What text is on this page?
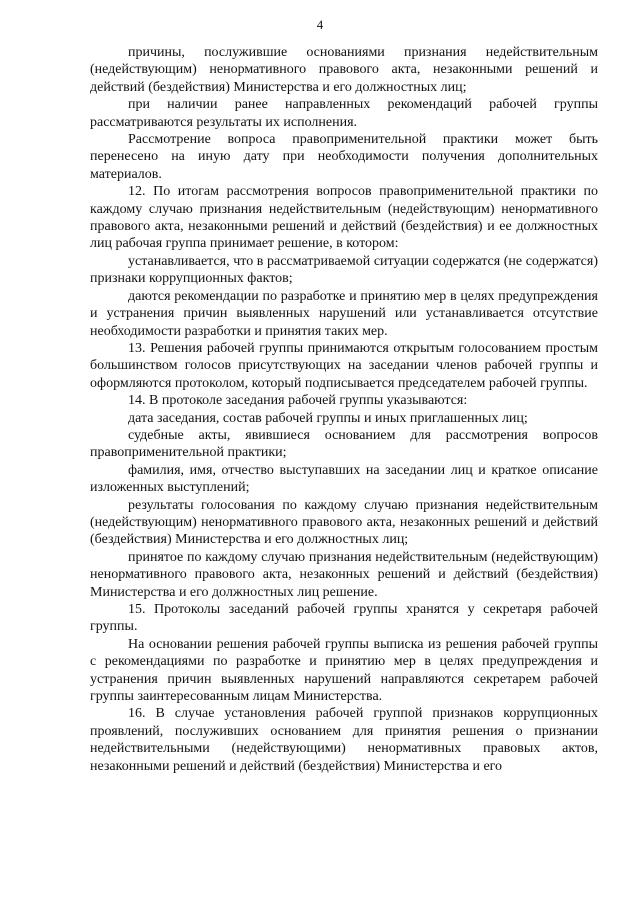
4

причины, послужившие основаниями признания недействительным (недействующим) ненормативного правового акта, незаконными решений и действий (бездействия) Министерства и его должностных лиц;

при наличии ранее направленных рекомендаций рабочей группы рассматриваются результаты их исполнения.

Рассмотрение вопроса правоприменительной практики может быть перенесено на иную дату при необходимости получения дополнительных материалов.

12. По итогам рассмотрения вопросов правоприменительной практики по каждому случаю признания недействительным (недействующим) ненормативного правового акта, незаконными решений и действий (бездействия) и ее должностных лиц рабочая группа принимает решение, в котором:

устанавливается, что в рассматриваемой ситуации содержатся (не содержатся) признаки коррупционных фактов;

даются рекомендации по разработке и принятию мер в целях предупреждения и устранения причин выявленных нарушений или устанавливается отсутствие необходимости разработки и принятия таких мер.

13. Решения рабочей группы принимаются открытым голосованием простым большинством голосов присутствующих на заседании членов рабочей группы и оформляются протоколом, который подписывается председателем рабочей группы.

14. В протоколе заседания рабочей группы указываются:

дата заседания, состав рабочей группы и иных приглашенных лиц;

судебные акты, явившиеся основанием для рассмотрения вопросов правоприменительной практики;

фамилия, имя, отчество выступавших на заседании лиц и краткое описание изложенных выступлений;

результаты голосования по каждому случаю признания недействительным (недействующим) ненормативного правового акта, незаконных решений и действий (бездействия) Министерства и его должностных лиц;

принятое по каждому случаю признания недействительным (недействующим) ненормативного правового акта, незаконных решений и действий (бездействия) Министерства и его должностных лиц решение.

15. Протоколы заседаний рабочей группы хранятся у секретаря рабочей группы.

На основании решения рабочей группы выписка из решения рабочей группы с рекомендациями по разработке и принятию мер в целях предупреждения и устранения причин выявленных нарушений направляются секретарем рабочей группы заинтересованным лицам Министерства.

16. В случае установления рабочей группой признаков коррупционных проявлений, послуживших основанием для принятия решения о признании недействительными (недействующими) ненормативных правовых актов, незаконными решений и действий (бездействия) Министерства и его
